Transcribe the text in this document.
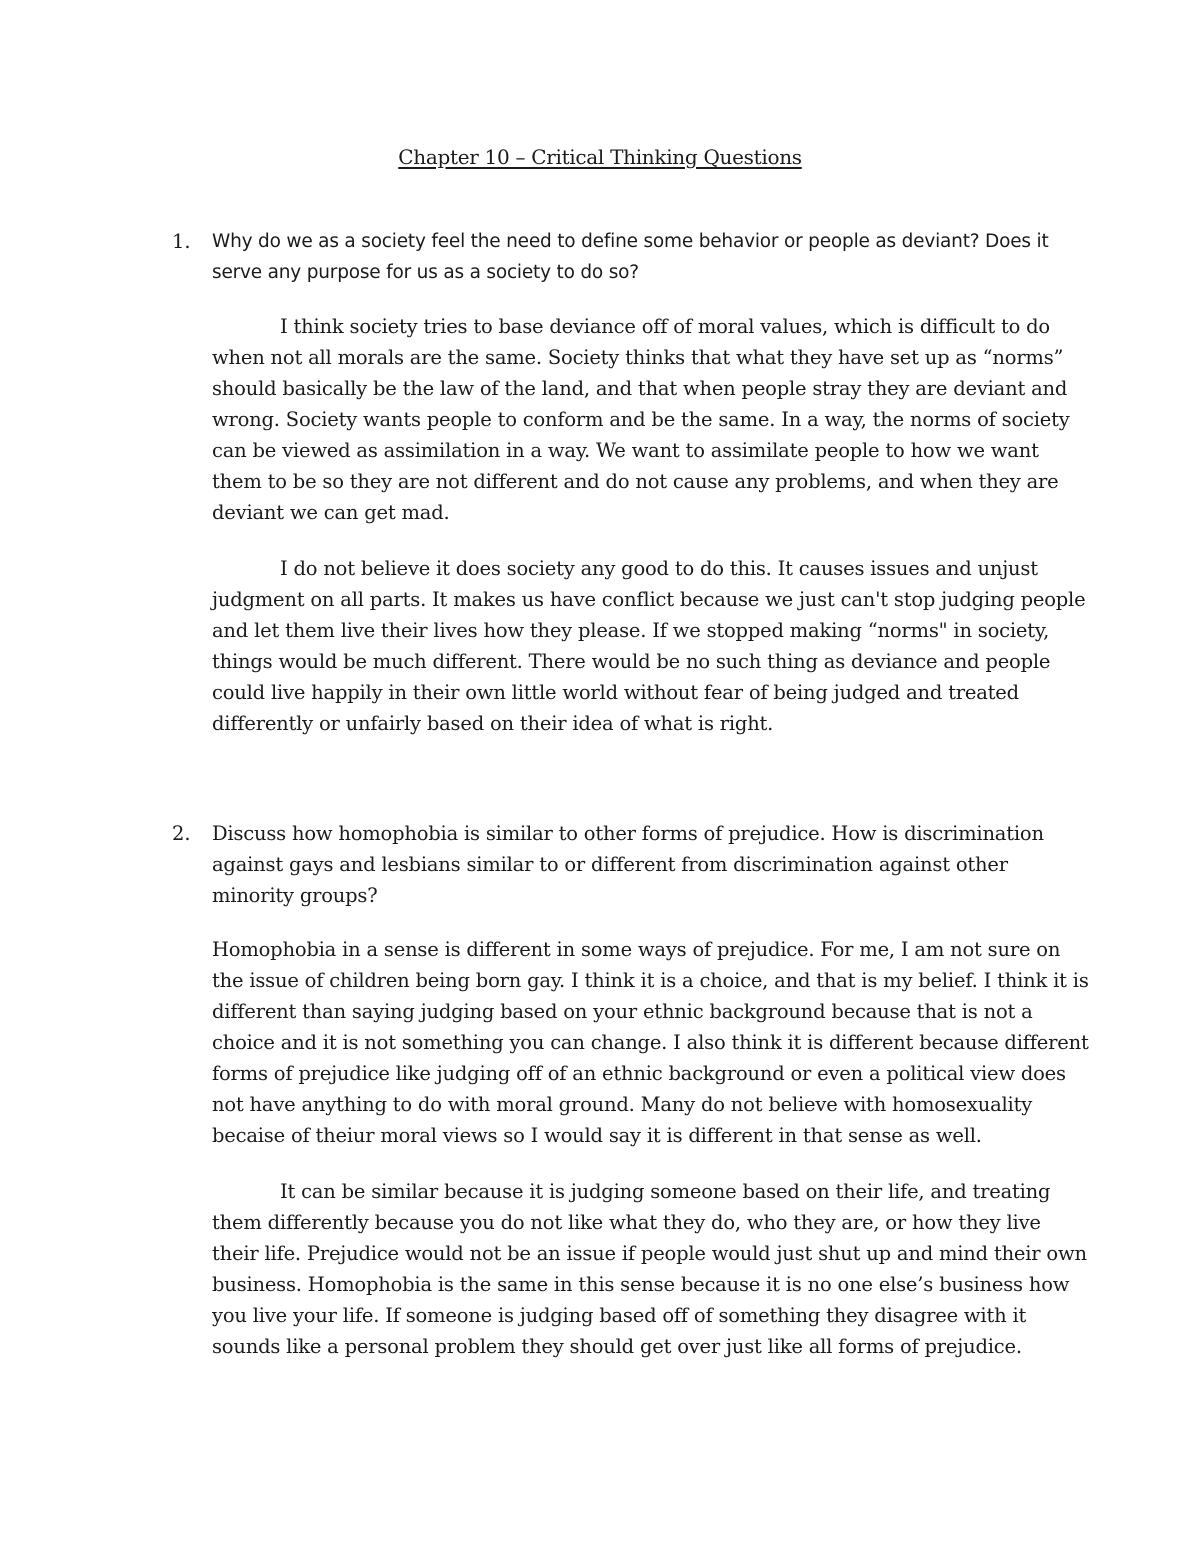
Chapter 10 – Critical Thinking Questions
1. Why do we as a society feel the need to define some behavior or people as deviant? Does it serve any purpose for us as a society to do so?

I think society tries to base deviance off of moral values, which is difficult to do when not all morals are the same. Society thinks that what they have set up as “norms” should basically be the law of the land, and that when people stray they are deviant and wrong. Society wants people to conform and be the same. In a way, the norms of society can be viewed as assimilation in a way. We want to assimilate people to how we want them to be so they are not different and do not cause any problems, and when they are deviant we can get mad.

I do not believe it does society any good to do this. It causes issues and unjust judgment on all parts. It makes us have conflict because we just can't stop judging people and let them live their lives how they please. If we stopped making “norms" in society, things would be much different. There would be no such thing as deviance and people could live happily in their own little world without fear of being judged and treated differently or unfairly based on their idea of what is right.

2. Discuss how homophobia is similar to other forms of prejudice. How is discrimination against gays and lesbians similar to or different from discrimination against other minority groups?

Homophobia in a sense is different in some ways of prejudice. For me, I am not sure on the issue of children being born gay. I think it is a choice, and that is my belief. I think it is different than saying judging based on your ethnic background because that is not a choice and it is not something you can change. I also think it is different because different forms of prejudice like judging off of an ethnic background or even a political view does not have anything to do with moral ground. Many do not believe with homosexuality becaise of theiur moral views so I would say it is different in that sense as well.

It can be similar because it is judging someone based on their life, and treating them differently because you do not like what they do, who they are, or how they live their life. Prejudice would not be an issue if people would just shut up and mind their own business. Homophobia is the same in this sense because it is no one else’s business how you live your life. If someone is judging based off of something they disagree with it sounds like a personal problem they should get over just like all forms of prejudice.
